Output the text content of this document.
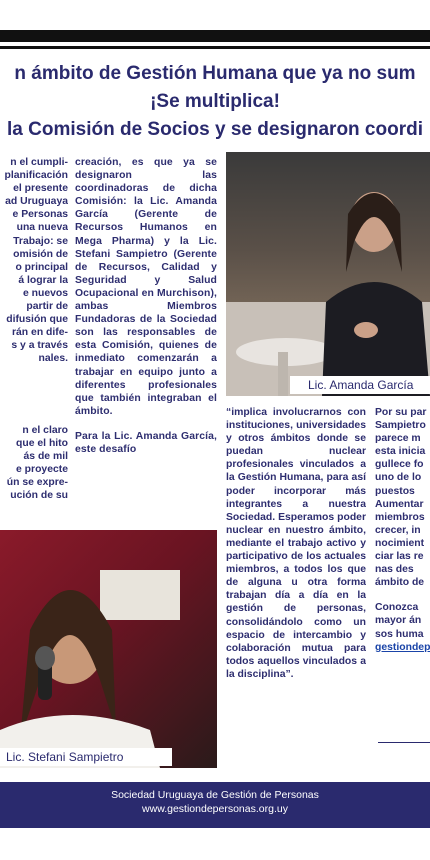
n ámbito de Gestión Humana que ya no sum
¡Se multiplica!
la Comisión de Socios y se designaron coordi
n el cumpli-
planificación
el presente
ad Uruguaya
e Personas
una nueva
Trabajo: se
omisión de
o principal
á lograr la
e nuevos
partir de
difusión que
rán en dife-
s y a través
nales.
n el claro
que el hito
ás de mil
e proyecte
ún se expre-
ución de su

creación, es que ya se designaron las coordinadoras de dicha Comisión: la Lic. Amanda García (Gerente de Recursos Humanos en Mega Pharma) y la Lic. Stefani Sampietro (Gerente de Recursos, Calidad y Seguridad y Salud Ocupacional en Murchison), ambas Miembros Fundadoras de la Sociedad son las responsables de esta Comisión, quienes de inmediato comenzarán a trabajar en equipo junto a diferentes profesionales que también integraban el ámbito.

Para la Lic. Amanda García, este desafío

Lic. Amanda García

“implica involucrarnos con instituciones, universidades y otros ámbitos donde se puedan nuclear profesionales vinculados a la Gestión Humana, para así poder incorporar más integrantes a nuestra Sociedad. Esperamos poder nuclear en nuestro ámbito, mediante el trabajo activo y participativo de los actuales miembros, a todos los que de alguna u otra forma trabajan día a día en la gestión de personas, consolidándolo como un espacio de intercambio y colaboración mutua para todos aquellos vinculados a la disciplina”.

Por su par
Sampietro
parece m
esta inicia
gullece fo
uno de lo
puestos
Aumentar
miembros
crecer, in
nocimient
ciar las re
nas des
ámbito de
Conozca
mayor án
sos huma
gestiondep
Lic. Stefani Sampietro
Sociedad Uruguaya de Gestión de Personas
www.gestiondepersonas.org.uy
